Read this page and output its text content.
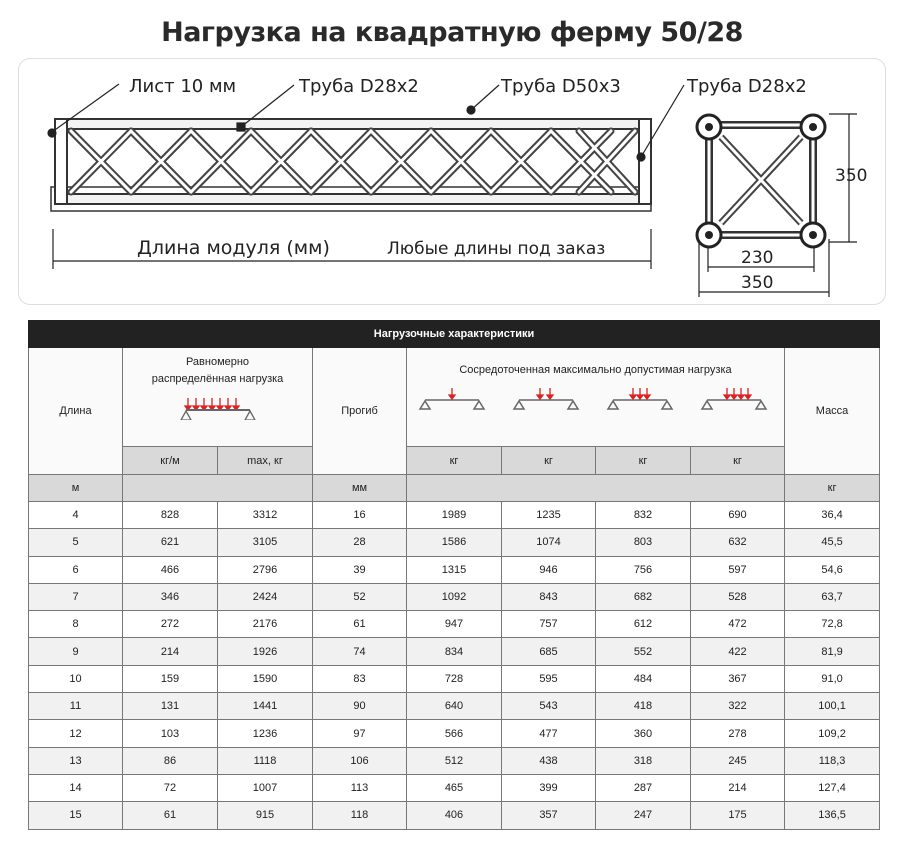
Нагрузка на квадратную ферму 50/28
Лист 10 мм	Труба D28x2	Труба D50x3	Труба D28x2
Длина модуля (мм)	Любые длины под заказ
350
230
350
Нагрузочные характеристики								
Длина	Равномерно распределённая нагрузка		Прогиб	Сосредоточенная максимально допустимая нагрузка				Масса
	кг/м	max, кг		кг	кг	кг	кг	
м			мм					кг
4	828	3312	16	1989	1235	832	690	36,4
5	621	3105	28	1586	1074	803	632	45,5
6	466	2796	39	1315	946	756	597	54,6
7	346	2424	52	1092	843	682	528	63,7
8	272	2176	61	947	757	612	472	72,8
9	214	1926	74	834	685	552	422	81,9
10	159	1590	83	728	595	484	367	91,0
11	131	1441	90	640	543	418	322	100,1
12	103	1236	97	566	477	360	278	109,2
13	86	1118	106	512	438	318	245	118,3
14	72	1007	113	465	399	287	214	127,4
15	61	915	118	406	357	247	175	136,5
